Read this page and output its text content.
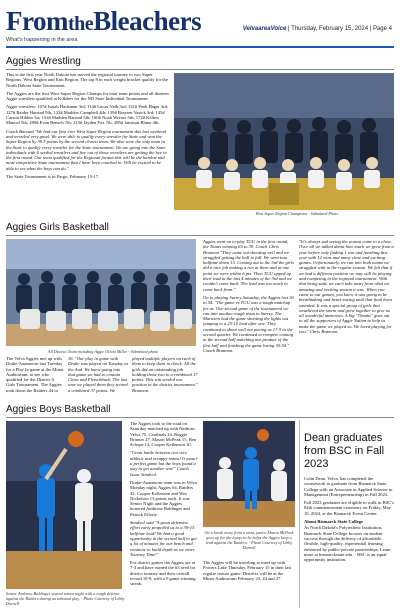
FromtheBleachers
What's happening in the area
VelvaareaVoice | Thursday, February 15, 2024 | Page 4
Aggies Wrestling

This is the first year North Dakota has moved the regional tourney to two Super Regions, West Region and East Region. The top 8 in each weight bracket qualify for the North Dakota State Tournament.

The Aggies are the first West Super Region Champs for total team points and all thirteen Aggie wrestlers qualified at Killdeer for the ND State Individual Tournament.

Aggie wrestlers: 107# Isaiah Hackman 3rd; 114# Lucas Nelk 3rd; 121# Peeb Hager 3rd; 127# Raider Harstad 5th; 133# Maddox Campbell 4th; 139# Brayten Vasick 3rd; 145# Carson Hilden 1st; 152# Madden Barstad 5th; 160# Noah Werner 5th; 172# Kelton Mancel 5th; 189# Evan Rensch 7th; 215# Jayden Fox 7th; 285# Jamison Rhine 4th.

Coach Barstad "We had our first ever West Super Region tournament this last weekend and wrestled very good. We were able to qualify every wrestler for State and won the Super Region by 39.5 points by the second closest team. We also were the only team in the State to qualify every wrestler for the State tournament. We are going into the State individuals with 6 seeded wrestlers and five out of those wrestlers are getting the bye in the first round. Our team qualified for the Regional format this will be the hardest and most competitive State tournament that I have been coached in. Will be excited to be able to see what the boys can do."

The State Tournament is in Fargo, February 15-17.

West Super Region Champions - Submitted Photo
Aggies Girls Basketball
All District Team including Aggie Olivia Miller - Submitted photo
The Velva Aggies met up with Drake-Anamoose last Tuesday for a Play In game at the Minot Auditorium, to see who qualified for the District 6 Girls Tournament. The Aggies took down the Raiders 44 to
36. "Our play in game with Drake was played on Tuesday at the Aud. We knew going into that game we had to contain Clara and Fleischbach. The last time we played them they scored a combined 37 points. We
played multiple players on each of them to keep them in check. All the girls did an outstanding job holding those two to a combined 17 points. This win seeded our position in the district tournament." Brannon.

Aggies went on to play TGU in the first round, the Titans winning 63 to 39. Coach Chris Brannon "They came out shooting well and we struggled getting the ball to fall. We went into halftime down 15. Coming out in the 3rd the girls did a nice job making a run at them and at one point we were within 6 pts. Then TGU upped up their lead in the last 4 minutes of the 3rd and we couldn't come back. The lead was too much to come back from."

On to playing Surrey Saturday, the Aggies lost 30 to 54. "The game vs TGU was a tough matchup for us. Our second game of the tournament we ran into another tough team in Surrey. The Mariners had the game shooting the lights out jumping to a 25-10 lead after one. They continued to shoot well out pacing us 17-5 in the second quarter. We continued to compete coming in the second half matching our product of the first half and finishing the game losing 30-54." Coach Brannon.

"It's always sad seeing the season come to a close. Over all we talked about how much we grew from a year before only finding 1 win and finishing this year with 12 wins and many close and exciting games. Unfortunately, we ran into both teams we struggled with in the regular season. We felt that if we had a different position we may still be playing and competing in the regional tournament. With that being said, we can't take away from what an amazing and exciting season it was. When you came to our games, you knew it was going to be breathtaking and heart-racing until that final horn sounded. It was a special group of girls that weathered the storm and grew together to give us all wonderful memories. A big "Thanks" goes out to all the supporters of Aggie Nation to help us make the game we played so. We loved playing for you." Chris Brannon.
Aggies Boys Basketball
Senior Ambrose Baldinger soared senior night with a tough defense against the Raiders during an inbound play. - Photo Courtesy of Libby Darnell

The Aggies took to the road on Saturday matched up with Nedrose. Velva 75, Cardinals 44. Reggie Brinner 27, Mason McPeak 15, Ben Schope 14, Cooper Kellenson 10.

"Great battle between two very athletic and scrappy teams! It wasn't a perfect game but the boys found a way to get another win!" Coach Isaac Sandvol.

Drake-Anamoose team was in Velva Monday night, Aggies 64, Raiders 42. Cooper Kellenson and Wes Nickelson 13 points each. It was Senior Night and the Aggies honored Ambrose Baldinger and Patrick Effertz.

Sandvol said "A great defensive effort early propelled us to a 39-15 halftime lead! We had a good opportunity in the second half to get a lot of minutes for our bench and continue to build depth as we enter Tourney Time!"

For district games the Aggies are at 7-3 and have earned the #3 seed for district tourney and their overall record 10-9, with a 9 game winning streak.

On a break away from a steal, junior Mason McPeak goes up for the layup so he helps the Aggies keep a lead against the Raiders. - Photo Courtesy of Libby Darnell
The Aggies will be traveling to meet up with Powers Lake Thursday, February 15 in their last regular season game. Districts will be at the Minot Auditorium February 23, 24 and 27.
Dean graduates from BSC in Fall 2023

Colin Dean, Velva, has completed the coursework to graduate from Bismarck State College with an Associate in Applied Science in Management (Entrepreneurship) in Fall 2023.

Fall 2023 graduates are eligible to walk in BSC's 84th commencement ceremony on Friday, May 10, 2024, at the Bismarck Event Center.

About Bismarck State College

As North Dakota's Polytechnic Institution, Bismarck State College focuses on student success through the delivery of affordable, flexible, high-quality, experiential learning enhanced by public-private partnerships. Learn more at bismarckstate.edu. - BSC is an equal opportunity institution.
